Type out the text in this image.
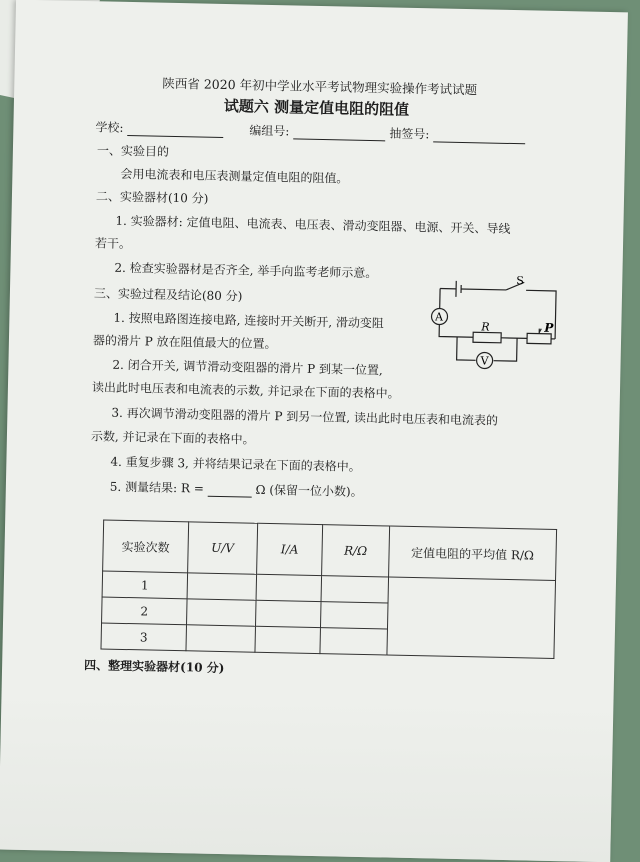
陕西省 2020 年初中学业水平考试物理实验操作考试试题
试题六 测量定值电阻的阻值
学校:	编组号:	抽签号:
一、实验目的
会用电流表和电压表测量定值电阻的阻值。
二、实验器材(10 分)
1. 实验器材: 定值电阻、电流表、电压表、滑动变阻器、电源、开关、导线
若干。
2. 检查实验器材是否齐全, 举手向监考老师示意。
三、实验过程及结论(80 分)
1. 按照电路图连接电路, 连接时开关断开, 滑动变阻
器的滑片 P 放在阻值最大的位置。
2. 闭合开关, 调节滑动变阻器的滑片 P 到某一位置,
读出此时电压表和电流表的示数, 并记录在下面的表格中。
3. 再次调节滑动变阻器的滑片 P 到另一位置, 读出此时电压表和电流表的
示数, 并记录在下面的表格中。
4. 重复步骤 3, 并将结果记录在下面的表格中。
5. 测量结果: R =	Ω (保留一位小数)。
S
A
R	P
V
实验次数	U/V	I/A	R/Ω	定值电阻的平均值 R/Ω
1				
2				
3				
四、整理实验器材(10 分)
